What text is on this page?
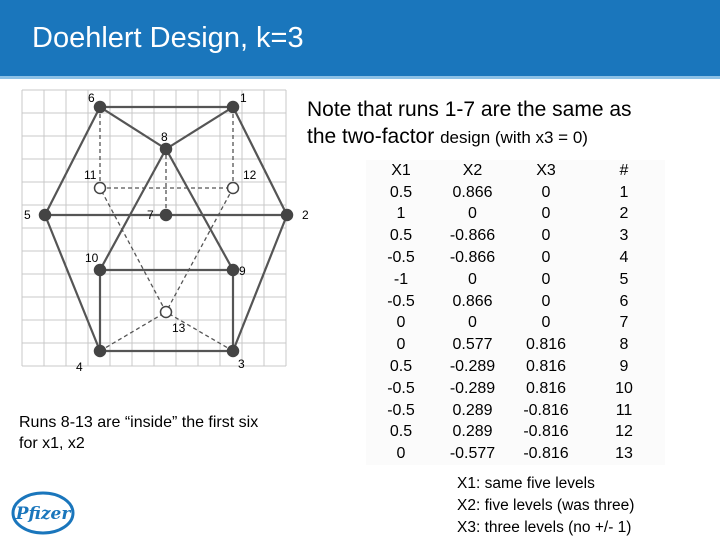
Doehlert Design, k=3
1
2
3
4
5
6
7
8
9
10
11	12
13
Note that runs 1-7 are the same as
the two-factor design (with x3 = 0)
Runs 8-13 are “inside” the first six for x1, x2
X1	X2	X3	#
0.5	0.866	0	1
1	0	0	2
0.5	-0.866	0	3
-0.5	-0.866	0	4
-1	0	0	5
-0.5	0.866	0	6
0	0	0	7
0	0.577	0.816	8
0.5	-0.289	0.816	9
-0.5	-0.289	0.816	10
-0.5	0.289	-0.816	11
0.5	0.289	-0.816	12
0	-0.577	-0.816	13
X1: same five levels
X2: five levels (was three)
X3: three levels (no +/- 1)
Pfizer
